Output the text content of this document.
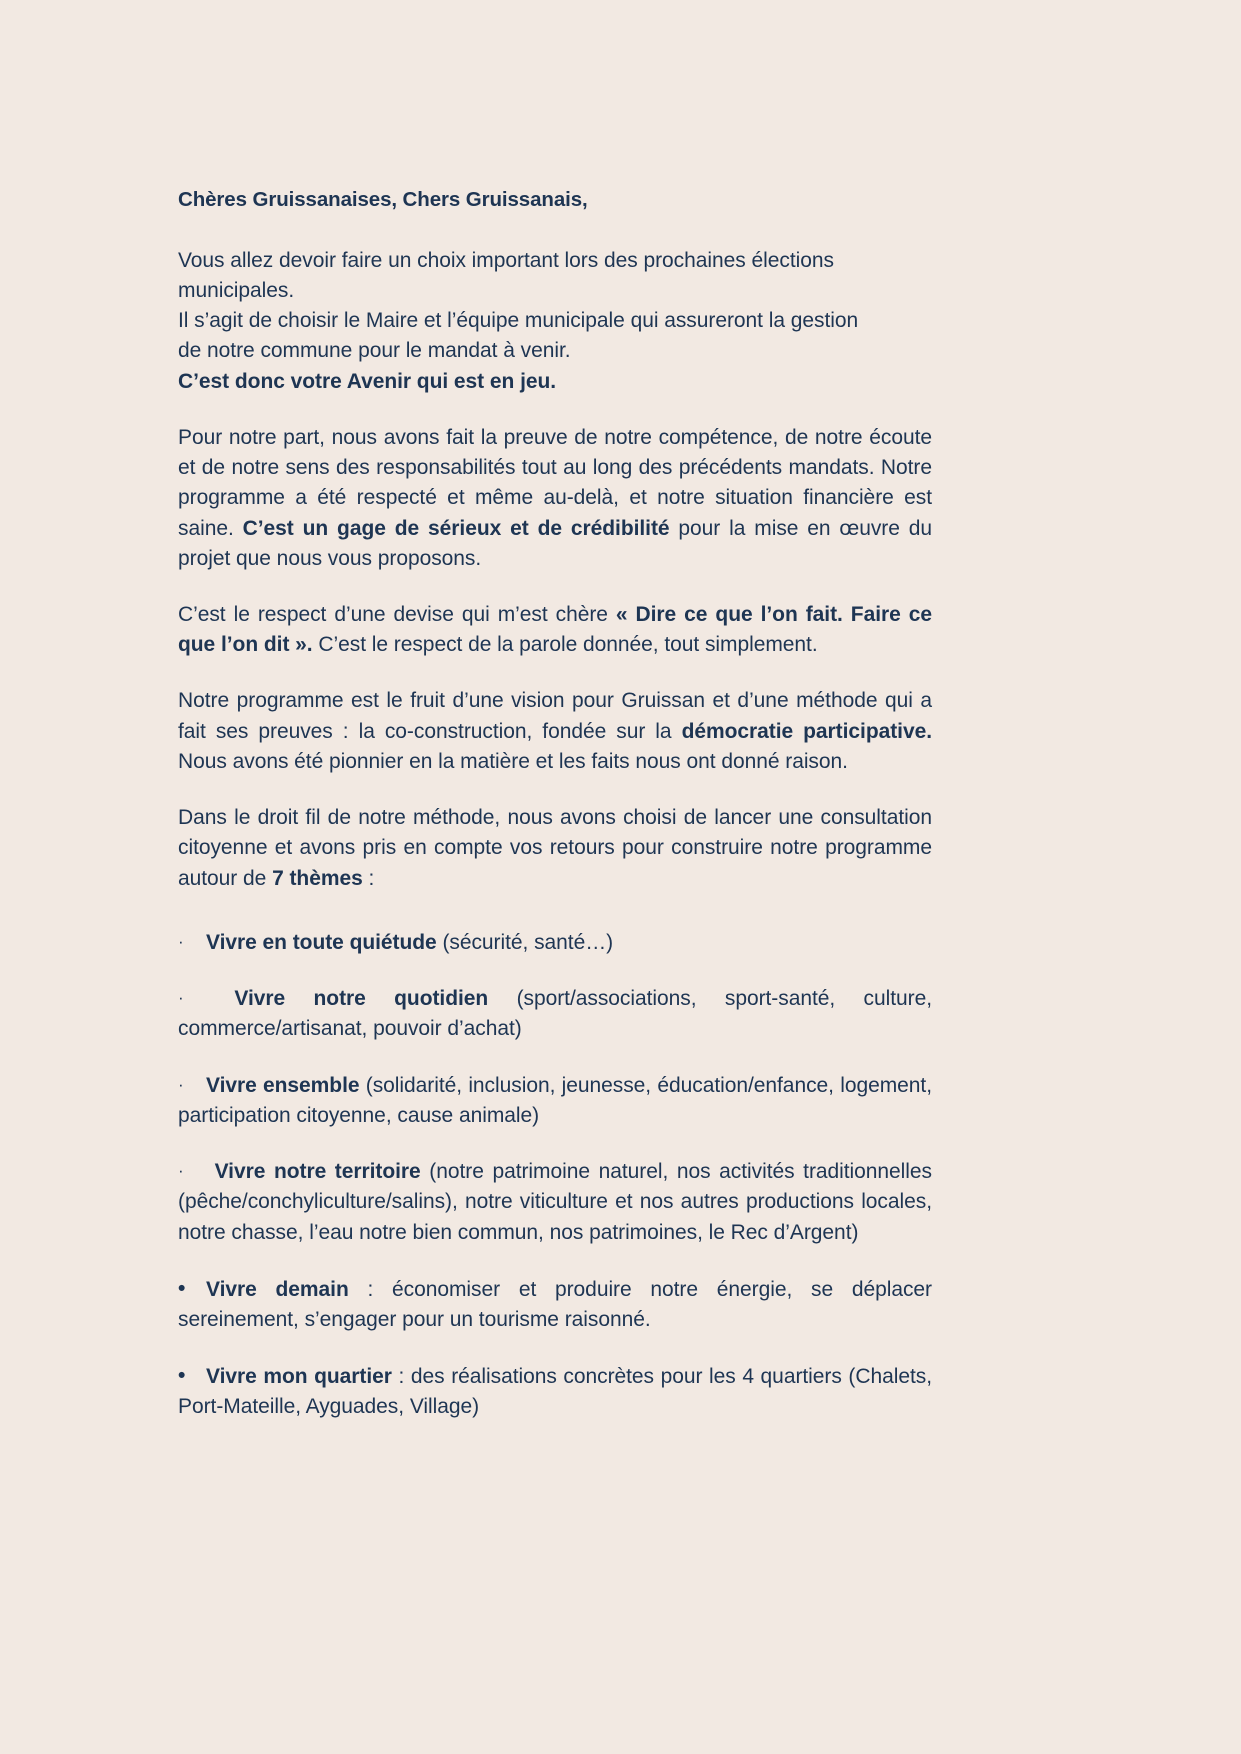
Chères Gruissanaises, Chers Gruissanais,

Vous allez devoir faire un choix important lors des prochaines élections
municipales.
Il s’agit de choisir le Maire et l’équipe municipale qui assureront la gestion
de notre commune pour le mandat à venir.
C’est donc votre Avenir qui est en jeu.

Pour notre part, nous avons fait la preuve de notre compétence, de notre écoute et de notre sens des responsabilités tout au long des précédents mandats. Notre programme a été respecté et même au-delà, et notre situation financière est saine. C’est un gage de sérieux et de crédibilité pour la mise en œuvre du projet que nous vous proposons.

C’est le respect d’une devise qui m’est chère « Dire ce que l’on fait. Faire ce que l’on dit ». C’est le respect de la parole donnée, tout simplement.

Notre programme est le fruit d’une vision pour Gruissan et d’une méthode qui a fait ses preuves : la co-construction, fondée sur la démocratie participative. Nous avons été pionnier en la matière et les faits nous ont donné raison.

Dans le droit fil de notre méthode, nous avons choisi de lancer une consultation citoyenne et avons pris en compte vos retours pour construire notre programme autour de 7 thèmes :

· Vivre en toute quiétude (sécurité, santé…)
· Vivre notre quotidien (sport/associations, sport-santé, culture, commerce/artisanat, pouvoir d’achat)
· Vivre ensemble (solidarité, inclusion, jeunesse, éducation/enfance, logement, participation citoyenne, cause animale)
· Vivre notre territoire (notre patrimoine naturel, nos activités traditionnelles (pêche/conchyliculture/salins), notre viticulture et nos autres productions locales, notre chasse, l’eau notre bien commun, nos patrimoines, le Rec d’Argent)
• Vivre demain : économiser et produire notre énergie, se déplacer sereinement, s’engager pour un tourisme raisonné.
• Vivre mon quartier : des réalisations concrètes pour les 4 quartiers (Chalets, Port-Mateille, Ayguades, Village)
